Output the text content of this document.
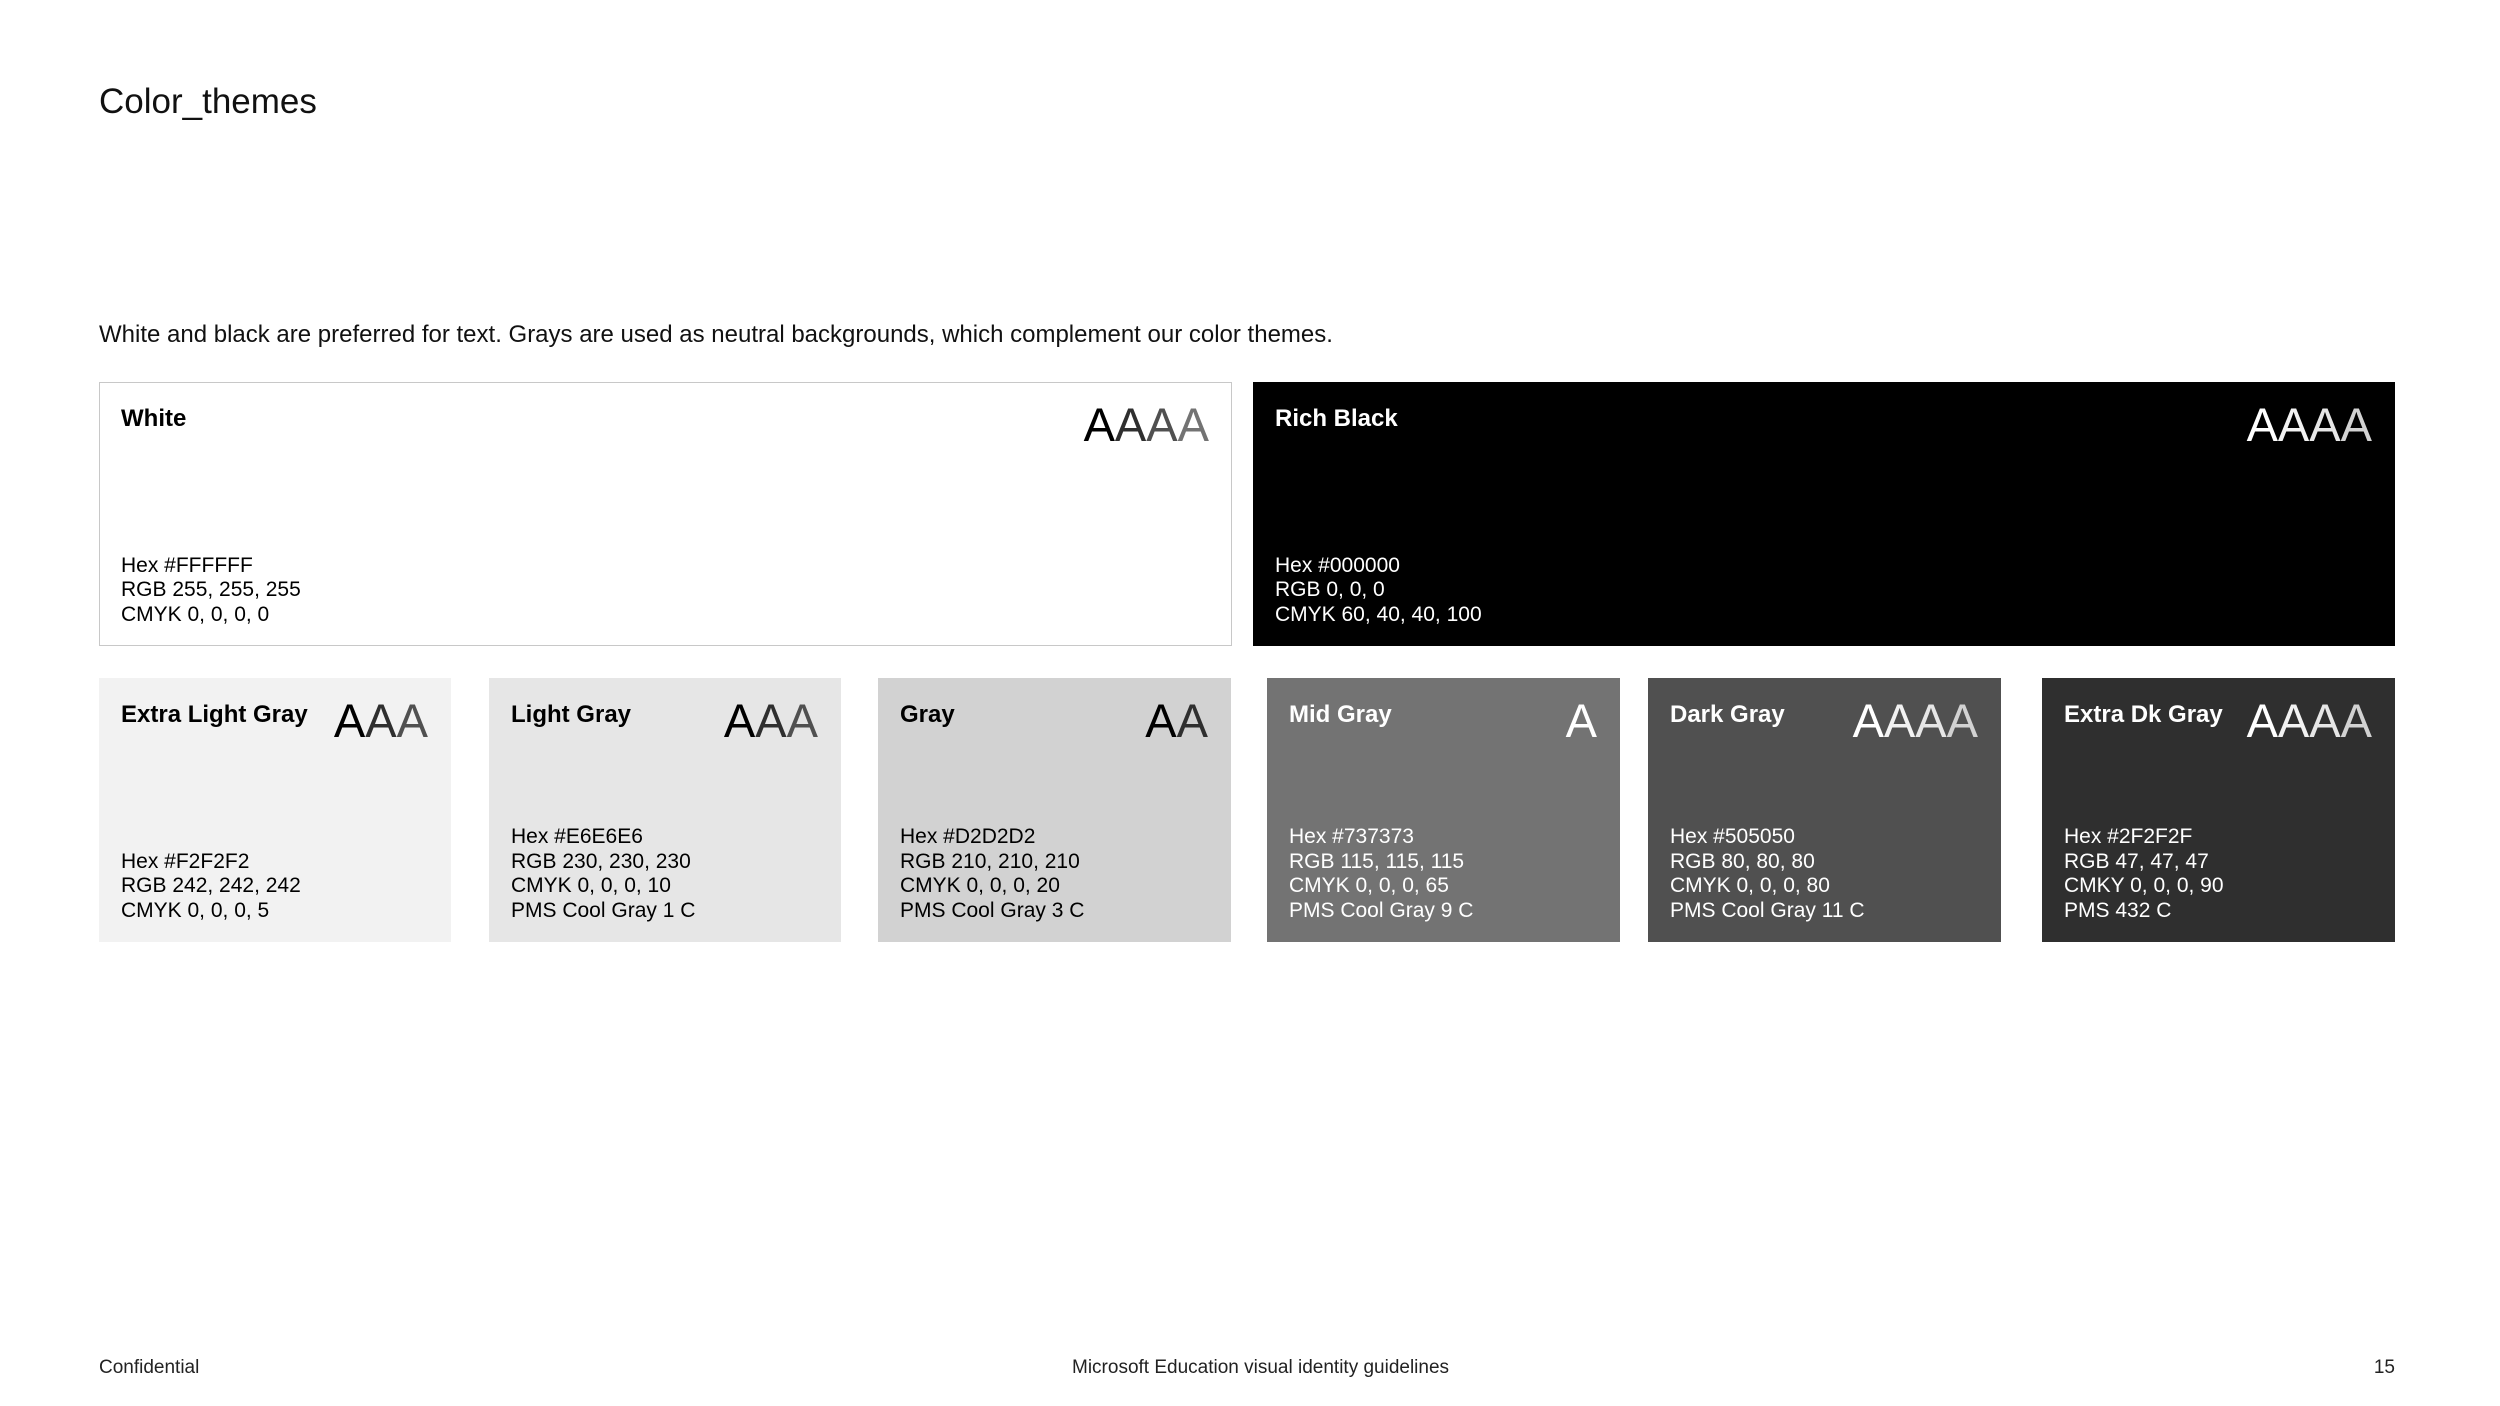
Color_themes
White and black are preferred for text. Grays are used as neutral backgrounds, which complement our color themes.
White	AAAA
Hex #FFFFFF
RGB 255, 255, 255
CMYK 0, 0, 0, 0
Rich Black	AAAA
Hex #000000
RGB 0, 0, 0
CMYK 60, 40, 40, 100
Extra Light Gray AAA
Hex #F2F2F2
RGB 242, 242, 242
CMYK 0, 0, 0, 5
Light Gray AAA
Hex #E6E6E6
RGB 230, 230, 230
CMYK 0, 0, 0, 10
PMS Cool Gray 1 C
Gray	AA
Hex #D2D2D2
RGB 210, 210, 210
CMYK 0, 0, 0, 20
PMS Cool Gray 3 C
Mid Gray	A
Hex #737373
RGB 115, 115, 115
CMYK 0, 0, 0, 65
PMS Cool Gray 9 C
Dark Gray AAAA
Hex #505050
RGB 80, 80, 80
CMYK 0, 0, 0, 80
PMS Cool Gray 11 C
Extra Dk Gray AAAA
Hex #2F2F2F
RGB 47, 47, 47
CMKY 0, 0, 0, 90
PMS 432 C
Confidential	Microsoft Education visual identity guidelines	15
